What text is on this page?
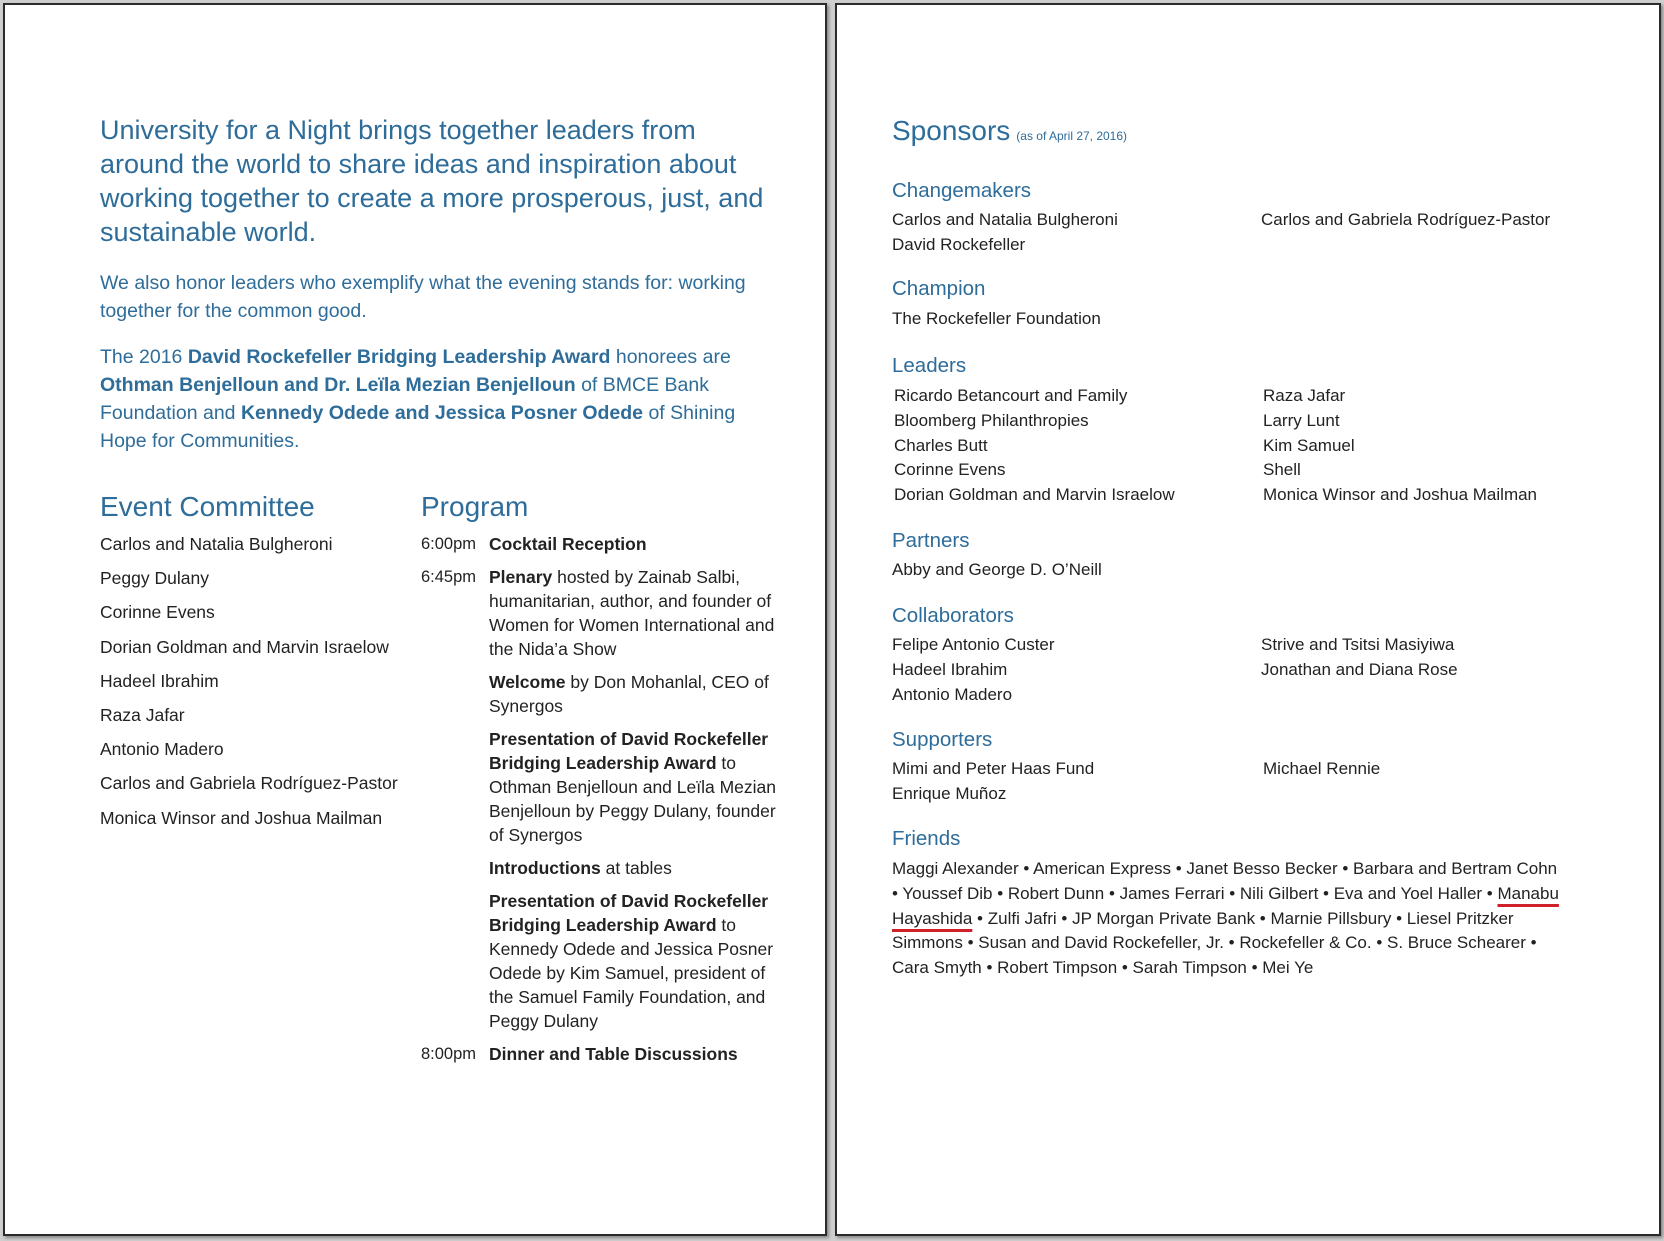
University for a Night brings together leaders from around the world to share ideas and inspiration about working together to create a more prosperous, just, and sustainable world.

We also honor leaders who exemplify what the evening stands for: working together for the common good.

The 2016 David Rockefeller Bridging Leadership Award honorees are Othman Benjelloun and Dr. Leïla Mezian Benjelloun of BMCE Bank Foundation and Kennedy Odede and Jessica Posner Odede of Shining Hope for Communities.

Event Committee
Carlos and Natalia Bulgheroni
Peggy Dulany
Corinne Evens
Dorian Goldman and Marvin Israelow
Hadeel Ibrahim
Raza Jafar
Antonio Madero
Carlos and Gabriela Rodríguez-Pastor
Monica Winsor and Joshua Mailman
Program
6:00pm Cocktail Reception
6:45pm Plenary hosted by Zainab Salbi, humanitarian, author, and founder of Women for Women International and the Nida’a Show
Welcome by Don Mohanlal, CEO of Synergos
Presentation of David Rockefeller Bridging Leadership Award to Othman Benjelloun and Leïla Mezian Benjelloun by Peggy Dulany, founder of Synergos
Introductions at tables
Presentation of David Rockefeller Bridging Leadership Award to Kennedy Odede and Jessica Posner Odede by Kim Samuel, president of the Samuel Family Foundation, and Peggy Dulany
8:00pm Dinner and Table Discussions
Sponsors (as of April 27, 2016)
Changemakers
Carlos and Natalia Bulgheroni
David Rockefeller
Carlos and Gabriela Rodríguez-Pastor
Champion
The Rockefeller Foundation
Leaders
Ricardo Betancourt and Family
Bloomberg Philanthropies
Charles Butt
Corinne Evens
Dorian Goldman and Marvin Israelow
Raza Jafar
Larry Lunt
Kim Samuel
Shell
Monica Winsor and Joshua Mailman
Partners
Abby and George D. O’Neill
Collaborators
Felipe Antonio Custer
Hadeel Ibrahim
Antonio Madero
Strive and Tsitsi Masiyiwa
Jonathan and Diana Rose
Supporters
Mimi and Peter Haas Fund
Enrique Muñoz
Michael Rennie
Friends

Maggi Alexander • American Express • Janet Besso Becker • Barbara and Bertram Cohn • Youssef Dib • Robert Dunn • James Ferrari • Nili Gilbert • Eva and Yoel Haller • Manabu Hayashida • Zulfi Jafri • JP Morgan Private Bank • Marnie Pillsbury • Liesel Pritzker Simmons • Susan and David Rockefeller, Jr. • Rockefeller & Co. • S. Bruce Schearer • Cara Smyth • Robert Timpson • Sarah Timpson • Mei Ye
